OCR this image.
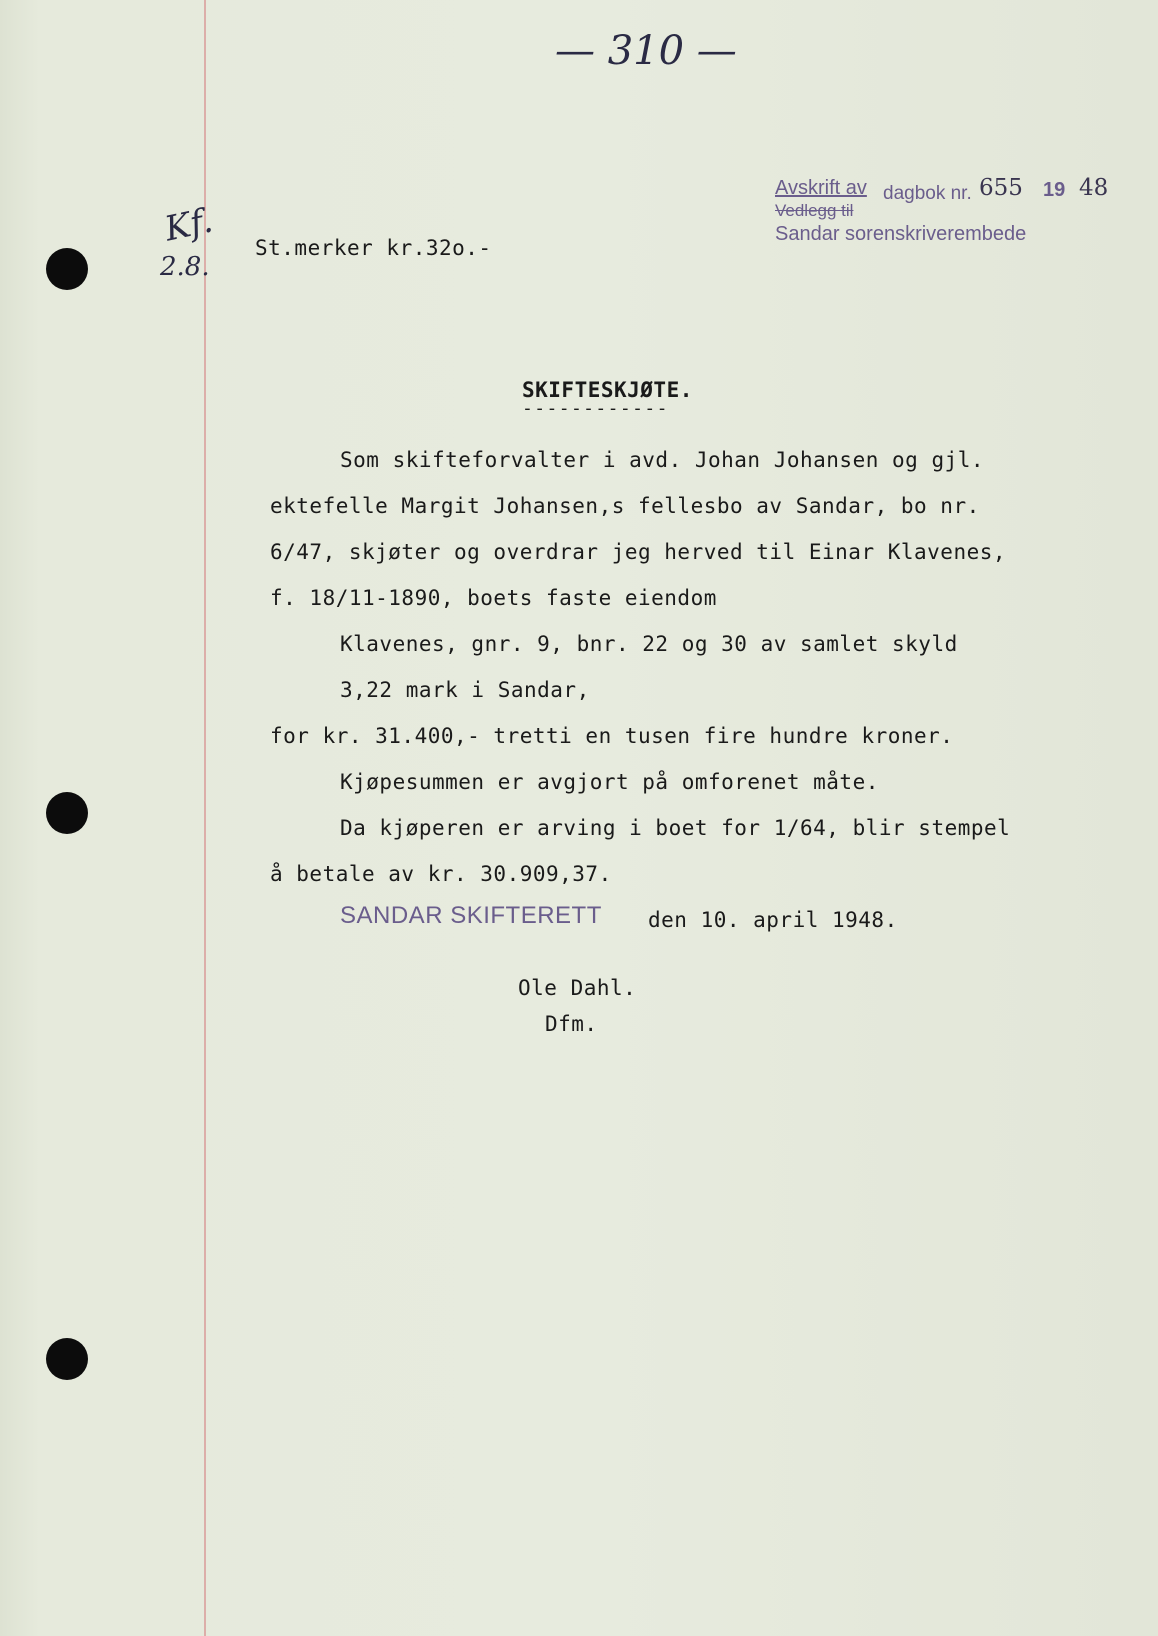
— 310 —

Avskrift av

dagbok nr.

655

19

48

Vedlegg til

Sandar sorenskriverembede

Kf.
2.8.
St.merker kr.32o.-
SKIFTESKJØTE.
------------
Som skifteforvalter i avd. Johan Johansen og gjl.
ektefelle Margit Johansen,s fellesbo av Sandar, bo nr.
6/47, skjøter og overdrar jeg herved til Einar Klavenes,
f. 18/11-1890, boets faste eiendom
Klavenes, gnr. 9, bnr. 22 og 30 av samlet skyld
3,22 mark i Sandar,
for kr. 31.400,- tretti en tusen fire hundre kroner.
Kjøpesummen er avgjort på omforenet måte.
Da kjøperen er arving i boet for 1/64, blir stempel
å betale av kr. 30.909,37.
SANDAR SKIFTERETT den 10. april 1948.
Ole Dahl.
Dfm.
